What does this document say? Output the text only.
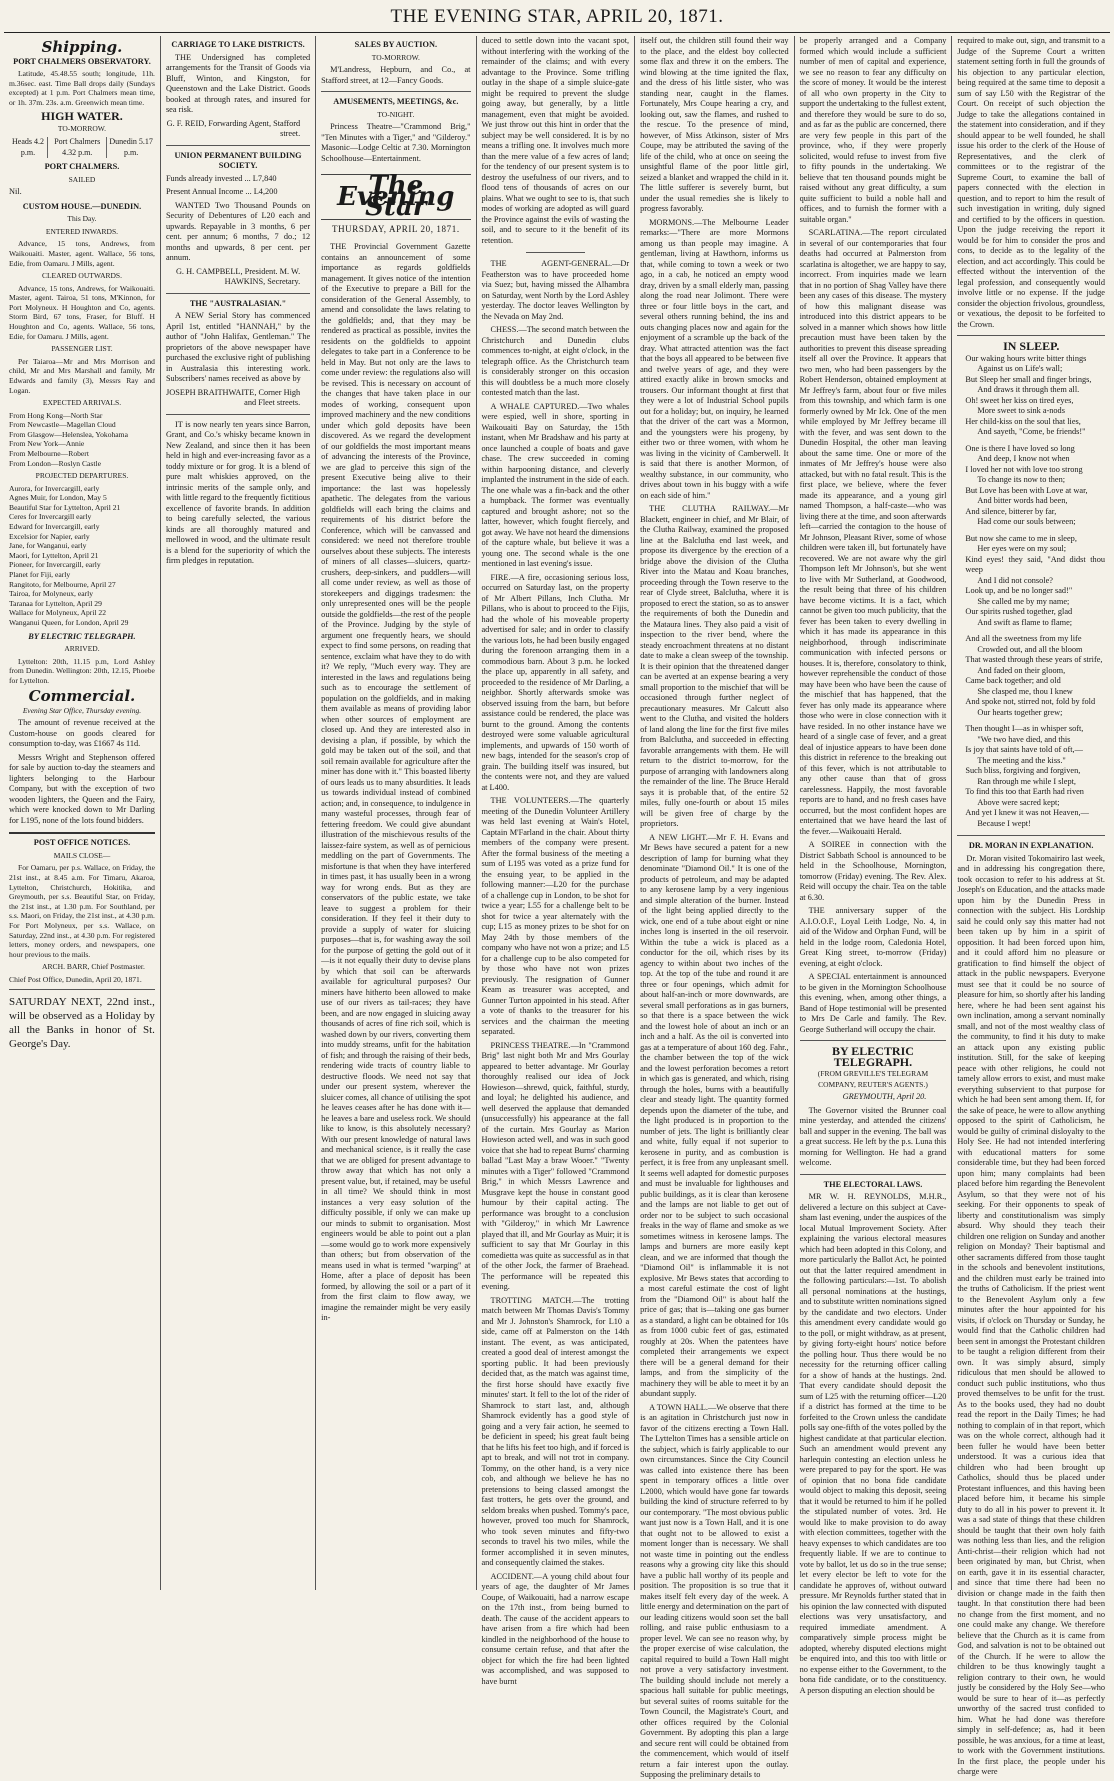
THE EVENING STAR, APRIL 20, 1871.
Shipping.
PORT CHALMERS OBSERVATORY.

Latitude, 45.48.55 south; longitude, 11h. m.36sec. east. Time Ball drops daily (Sundays excepted) at 1 p.m. Port Chalmers mean time, or 1h. 37m. 23s. a.m. Greenwich mean time.

HIGH WATER.
TO-MORROW.
Heads 4.2 p.m.	Port Chalmers 4.32 p.m.	Dunedin 5.17 p.m.
PORT CHALMERS.
SAILED

Nil.

CUSTOM HOUSE.—DUNEDIN.
This Day.
ENTERED INWARDS.

Advance, 15 tons, Andrews, from Waikouaiti. Master, agent. Wallace, 56 tons, Edie, from Oamaru. J Mills, agent.

CLEARED OUTWARDS.

Advance, 15 tons, Andrews, for Waikouaiti. Master, agent. Tairoa, 51 tons, M'Kinnon, for Port Molyneux. H Houghton and Co, agents. Storm Bird, 67 tons, Fraser, for Bluff. H Houghton and Co, agents. Wallace, 56 tons, Edie, for Oamaru. J Mills, agent.

PASSENGER LIST.

Per Taiaroa—Mr and Mrs Morrison and child, Mr and Mrs Marshall and family, Mr Edwards and family (3), Messrs Ray and Logan.

EXPECTED ARRIVALS.
From Hong Kong—North Star
From Newcastle—Magellan Cloud
From Glasgow—Helenslea, Yokohama
From New York—Annie
From Melbourne—Robert
From London—Roslyn Castle
PROJECTED DEPARTURES.
Aurora, for Invercargill, early
Agnes Muir, for London, May 5
Beautiful Star for Lyttelton, April 21
Ceres for Invercargill early
Edward for Invercargill, early
Excelsior for Napier, early
Jane, for Wanganui, early
Maori, for Lyttelton, April 21
Pioneer, for Invercargill, early
Planet for Fiji, early
Rangitoto, for Melbourne, April 27
Tairoa, for Molyneux, early
Taranaa for Lyttelton, April 29
Wallace for Molyneux, April 22
Wanganui Queen, for London, April 29
BY ELECTRIC TELEGRAPH.
ARRIVED.

Lyttelton: 20th, 11.15 p.m, Lord Ashley from Dunedin. Wellington: 20th, 12.15, Phoebe for Lyttelton.

Commercial.
Evening Star Office, Thursday evening.

The amount of revenue received at the Custom-house on goods cleared for consumption to-day, was £1667 4s 11d.

Messrs Wright and Stephenson offered for sale by auction to-day the steamers and lighters belonging to the Harbour Company, but with the exception of two wooden lighters, the Queen and the Fairy, which were knocked down to Mr Darling for L195, none of the lots found bidders.

POST OFFICE NOTICES.
MAILS CLOSE—

For Oamaru, per p.s. Wallace, on Friday, the 21st inst., at 8.45 a.m. For Timaru, Akaroa, Lyttelton, Christchurch, Hokitika, and Greymouth, per s.s. Beautiful Star, on Friday, the 21st inst., at 1.30 p.m. For Southland, per s.s. Maori, on Friday, the 21st inst., at 4.30 p.m. For Port Molyneux, per s.s. Wallace, on Saturday, 22nd inst., at 4.30 p.m. For registered letters, money orders, and newspapers, one hour previous to the mails.

ARCH. BARR, Chief Postmaster.

Chief Post Office, Dunedin, April 20, 1871.

SATURDAY NEXT, 22nd inst., will be observed as a Holiday by all the Banks in honor of St. George's Day.

CARRIAGE TO LAKE DISTRICTS.

THE Undersigned has completed arrangements for the Transit of Goods via Bluff, Winton, and Kingston, for Queenstown and the Lake District. Goods booked at through rates, and insured for sea risk.

G. F. REID, Forwarding Agent, Stafford street.

UNION PERMANENT BUILDING SOCIETY.

Funds already invested ... L7,840

Present Annual Income ... L4,200

WANTED Two Thousand Pounds on Security of Debentures of L20 each and upwards. Repayable in 3 months, 6 per cent. per annum; 6 months, 7 do.; 12 months and upwards, 8 per cent. per annum.

G. H. CAMPBELL, President. M. W. HAWKINS, Secretary.

THE "AUSTRALASIAN."

A NEW Serial Story has commenced April 1st, entitled "HANNAH," by the author of "John Halifax, Gentleman." The proprietors of the above newspaper have purchased the exclusive right of publishing in Australasia this interesting work. Subscribers' names received as above by

JOSEPH BRAITHWAITE, Corner High and Fleet streets.

IT is now nearly ten years since Barron, Grant, and Co.'s whisky became known in New Zealand, and since then it has been held in high and ever-increasing favor as a toddy mixture or for grog. It is a blend of pure malt whiskies approved, on the intrinsic merits of the sample only, and with little regard to the frequently fictitious excellence of favorite brands. In addition to being carefully selected, the various kinds are all thoroughly matured and mellowed in wood, and the ultimate result is a blend for the superiority of which the firm pledges in reputation.

SALES BY AUCTION.
TO-MORROW.

M'Landress, Hepburn, and Co., at Stafford street, at 12—Fancy Goods.

AMUSEMENTS, MEETINGS, &c.
TO-NIGHT.

Princess Theatre—"Crammond Brig," "Ten Minutes with a Tiger," and "Gilderoy." Masonic—Lodge Celtic at 7.30. Mornington Schoolhouse—Entertainment.

The Evening Star
THURSDAY, APRIL 20, 1871.

THE Provincial Government Gazette contains an announcement of some importance as regards goldfields management. It gives notice of the intention of the Executive to prepare a Bill for the consideration of the General Assembly, to amend and consolidate the laws relating to the goldfields; and, that they may be rendered as practical as possible, invites the residents on the goldfields to appoint delegates to take part in a Conference to be held in May. But not only are the laws to come under review: the regulations also will be revised. This is necessary on account of the changes that have taken place in our modes of working, consequent upon improved machinery and the new conditions under which gold deposits have been discovered. As we regard the development of our goldfields the most important means of advancing the interests of the Province, we are glad to perceive this sign of the present Executive being alive to their importance: the last was hopelessly apathetic. The delegates from the various goldfields will each bring the claims and requirements of his district before the Conference, which will be canvassed and considered: we need not therefore trouble ourselves about these subjects. The interests of miners of all classes—sluicers, quartz-crushers, deep-sinkers, and puddlers—will all come under review, as well as those of storekeepers and diggings tradesmen: the only unrepresented ones will be the people outside the goldfields—the rest of the people of the Province. Judging by the style of argument one frequently hears, we should expect to find some persons, on reading that sentence, exclaim what have they to do with it? We reply, "Much every way. They are interested in the laws and regulations being such as to encourage the settlement of population on the goldfields, and in making them available as means of providing labor when other sources of employment are closed up. And they are interested also in devising a plan, if possible, by which the gold may be taken out of the soil, and that soil remain available for agriculture after the miner has done with it." This boasted liberty of ours leads us to many absurdities. It leads us towards individual instead of combined action; and, in consequence, to indulgence in many wasteful processes, through fear of fettering freedom. We could give abundant illustration of the mischievous results of the laissez-faire system, as well as of pernicious meddling on the part of Governments. The misfortune is that when they have interfered in times past, it has usually been in a wrong way for wrong ends. But as they are conservators of the public estate, we take leave to suggest a problem for their consideration. If they feel it their duty to provide a supply of water for sluicing purposes—that is, for washing away the soil for the purpose of getting the gold out of it—is it not equally their duty to devise plans by which that soil can be afterwards available for agricultural purposes? Our miners have hitherto been allowed to make use of our rivers as tail-races; they have been, and are now engaged in sluicing away thousands of acres of fine rich soil, which is washed down by our rivers, converting them into muddy streams, unfit for the habitation of fish; and through the raising of their beds, rendering wide tracts of country liable to destructive floods. We need not say that under our present system, wherever the sluicer comes, all chance of utilising the spot he leaves ceases after he has done with it—he leaves a bare and useless rock. We should like to know, is this absolutely necessary? With our present knowledge of natural laws and mechanical science, is it really the case that we are obliged for present advantage to throw away that which has not only a present value, but, if retained, may be useful in all time? We should think in most instances a very easy solution of the difficulty possible, if only we can make up our minds to submit to organisation. Most engineers would be able to point out a plan—some would go to work more expensively than others; but from observation of the means used in what is termed "warping" at Home, after a place of deposit has been formed, by allowing the soil or a part of it from the first claim to flow away, we imagine the remainder might be very easily in-

duced to settle down into the vacant spot, without interfering with the working of the remainder of the claims; and with every advantage to the Province. Some trifling outlay in the shape of a simple sluice-gate might be required to prevent the sludge going away, but generally, by a little management, even that might be avoided. We just throw out this hint in order that the subject may be well considered. It is by no means a trifling one. It involves much more than the mere value of a few acres of land; for the tendency of our present system is to destroy the usefulness of our rivers, and to flood tens of thousands of acres on our plains. What we ought to see to is, that such modes of working are adopted as will guard the Province against the evils of wasting the soil, and to secure to it the benefit of its retention.

THE AGENT-GENERAL.—Dr Featherston was to have proceeded home via Suez; but, having missed the Alhambra on Saturday, went North by the Lord Ashley yesterday. The doctor leaves Wellington by the Nevada on May 2nd.

CHESS.—The second match between the Christchurch and Dunedin clubs commences to-night, at eight o'clock, in the telegraph office. As the Christchurch team is considerably stronger on this occasion this will doubtless be a much more closely contested match than the last.

A WHALE CAPTURED.—Two whales were espied, well in shore, sporting in Waikouaiti Bay on Saturday, the 15th instant, when Mr Bradshaw and his party at once launched a couple of boats and gave chase. The crew succeeded in coming within harpooning distance, and cleverly implanted the instrument in the side of each. The one whale was a fin-back and the other a humpback. The former was eventually captured and brought ashore; not so the latter, however, which fought fiercely, and got away. We have not heard the dimensions of the capture whale, but believe it was a young one. The second whale is the one mentioned in last evening's issue.

FIRE.—A fire, occasioning serious loss, occurred on Saturday last, on the property of Mr Albert Pillans, Inch Clutha. Mr Pillans, who is about to proceed to the Fijis, had the whole of his moveable property advertised for sale; and in order to classify the various lots, he had been busily engaged during the forenoon arranging them in a commodious barn. About 3 p.m. he locked the place up, apparently in all safety, and proceeded to the residence of Mr Darling, a neighbor. Shortly afterwards smoke was observed issuing from the barn, but before assistance could be rendered, the place was burnt to the ground. Among the contents destroyed were some valuable agricultural implements, and upwards of 150 worth of new bags, intended for the season's crop of grain. The building itself was insured, but the contents were not, and they are valued at L400.

THE VOLUNTEERS.—The quarterly meeting of the Dunedin Volunteer Artillery was held last evening at Wain's Hotel, Captain M'Farland in the chair. About thirty members of the company were present. After the formal business of the meeting a sum of L195 was voted as a prize fund for the ensuing year, to be applied in the following manner:—L20 for the purchase of a challenge cup in London, to be shot for twice a year; L55 for a challenge belt to be shot for twice a year alternately with the cup; L15 as money prizes to be shot for on May 24th by those members of the company who have not won a prize; and L5 for a challenge cup to be also competed for by those who have not won prizes previously. The resignation of Gunner Keam as treasurer was accepted, and Gunner Turton appointed in his stead. After a vote of thanks to the treasurer for his services and the chairman the meeting separated.

PRINCESS THEATRE.—In "Crammond Brig" last night both Mr and Mrs Gourlay appeared to better advantage. Mr Gourlay thoroughly realised our idea of Jock Howieson—shrewd, quick, faithful, sturdy, and loyal; he delighted his audience, and well deserved the applause that demanded (unsuccessfully) his appearance at the fall of the curtain. Mrs Gourlay as Marion Howieson acted well, and was in such good voice that she had to repeat Burns' charming ballad "Last May a braw Wooer." "Twenty minutes with a Tiger" followed "Crammond Brig," in which Messrs Lawrence and Musgrave kept the house in constant good humour by their capital acting. The performance was brought to a conclusion with "Gilderoy," in which Mr Lawrence played that ill, and Mr Gourlay as Muir; it is sufficient to say that Mr Gourlay in this comedietta was quite as successful as in that of the other Jock, the farmer of Braehead. The performance will be repeated this evening.

TROTTING MATCH.—The trotting match between Mr Thomas Davis's Tommy and Mr J. Johnston's Shamrock, for L10 a side, came off at Palmerston on the 14th instant. The event, as was anticipated, created a good deal of interest amongst the sporting public. It had been previously decided that, as the match was against time, the first horse should have exactly five minutes' start. It fell to the lot of the rider of Shamrock to start last, and, although Shamrock evidently has a good style of going and a very fair action, he seemed to be deficient in speed; his great fault being that he lifts his feet too high, and if forced is apt to break, and will not trot in company. Tommy, on the other hand, is a very nice cob, and although we believe he has no pretensions to being classed amongst the fast trotters, he gets over the ground, and seldom breaks when pushed. Tommy's pace, however, proved too much for Shamrock, who took seven minutes and fifty-two seconds to travel his two miles, while the former accomplished it in seven minutes, and consequently claimed the stakes.

ACCIDENT.—A young child about four years of age, the daughter of Mr James Coupe, of Waikouaiti, had a narrow escape on the 17th inst., from being burned to death. The cause of the accident appears to have arisen from a fire which had been kindled in the neighborhood of the house to consume certain refuse, and that after the object for which the fire had been lighted was accomplished, and was supposed to have burnt

itself out, the children still found their way to the place, and the eldest boy collected some flax and threw it on the embers. The wind blowing at the time ignited the flax, and the dress of his little sister, who was standing near, caught in the flames. Fortunately, Mrs Coupe hearing a cry, and looking out, saw the flames, and rushed to the rescue. To the presence of mind, however, of Miss Atkinson, sister of Mrs Coupe, may be attributed the saving of the life of the child, who at once on seeing the unsightful flame of the poor little girl, seized a blanket and wrapped the child in it. The little sufferer is severely burnt, but under the usual remedies she is likely to progress favorably.

MORMONS.—The Melbourne Leader remarks:—"There are more Mormons among us than people may imagine. A gentleman, living at Hawthorn, informs us that, while coming to town a week or two ago, in a cab, he noticed an empty wood dray, driven by a small elderly man, passing along the road near Jolimont. There were three or four little boys in the cart, and several others running behind, the ins and outs changing places now and again for the enjoyment of a scramble up the back of the dray. What attracted attention was the fact that the boys all appeared to be between five and twelve years of age, and they were attired exactly alike in brown smocks and trousers. Our informant thought at first that they were a lot of Industrial School pupils out for a holiday; but, on inquiry, he learned that the driver of the cart was a Mormon, and the youngsters were his progeny, by either two or three women, with whom he was living in the vicinity of Camberwell. It is said that there is another Mormon, of wealthy substance, in our community, who drives about town in his buggy with a wife on each side of him."

THE CLUTHA RAILWAY.—Mr Blackett, engineer in chief, and Mr Blair, of the Clutha Railway, examined the proposed line at the Balclutha end last week, and propose its divergence by the erection of a bridge above the division of the Clutha River into the Matau and Koau branches, proceeding through the Town reserve to the rear of Clyde street, Balclutha, where it is proposed to erect the station, so as to answer the requirements of both the Dunedin and the Mataura lines. They also paid a visit of inspection to the river bend, where the steady encroachment threatens at no distant date to make a clean sweep of the township. It is their opinion that the threatened danger can be averted at an expense bearing a very small proportion to the mischief that will be occasioned through further neglect of precautionary measures. Mr Calcutt also went to the Clutha, and visited the holders of land along the line for the first five miles from Balclutha, and succeeded in effecting favorable arrangements with them. He will return to the district to-morrow, for the purpose of arranging with landowners along the remainder of the line. The Bruce Herald says it is probable that, of the entire 52 miles, fully one-fourth or about 15 miles will be given free of charge by the proprietors.

A NEW LIGHT.—Mr F. H. Evans and Mr Bews have secured a patent for a new description of lamp for burning what they denominate "Diamond Oil." It is one of the products of petroleum, and may be adapted to any kerosene lamp by a very ingenious and simple alteration of the burner. Instead of the light being applied directly to the wick, one end of a tube about eight or nine inches long is inserted in the oil reservoir. Within the tube a wick is placed as a conductor for the oil, which rises by its agency to within about two inches of the top. At the top of the tube and round it are three or four openings, which admit for about half-an-inch or more downwards, are several small perforations as in gas burners, so that there is a space between the wick and the lowest hole of about an inch or an inch and a half. As the oil is converted into gas at a temperature of about 160 deg. Fahr., the chamber between the top of the wick and the lowest perforation becomes a retort in which gas is generated, and which, rising through the holes, burns with a beautifully clear and steady light. The quantity formed depends upon the diameter of the tube, and the light produced is in proportion to the number of jets. The light is brilliantly clear and white, fully equal if not superior to kerosene in purity, and as combustion is perfect, it is free from any unpleasant smell. It seems well adapted for domestic purposes and must be invaluable for lighthouses and public buildings, as it is clear than kerosene and the lamps are not liable to get out of order nor to be subject to such occasional freaks in the way of flame and smoke as we sometimes witness in kerosene lamps. The lamps and burners are more easily kept clean, and we are informed that though the "Diamond Oil" is inflammable it is not explosive. Mr Bews states that according to a most careful estimate the cost of light from the "Diamond Oil" is about half the price of gas; that is—taking one gas burner as a standard, a light can be obtained for 10s as from 1000 cubic feet of gas, estimated roughly at 20s. When the patentees have completed their arrangements we expect there will be a general demand for their lamps, and from the simplicity of the machinery they will be able to meet it by an abundant supply.

A TOWN HALL.—We observe that there is an agitation in Christchurch just now in favor of the citizens erecting a Town Hall. The Lyttelton Times has a sensible article on the subject, which is fairly applicable to our own circumstances. Since the City Council was called into existence there has been spent in temporary offices a little over L2000, which would have gone far towards building the kind of structure referred to by our contemporary. "The most obvious public want just now is a Town Hall, and it is one that ought not to be allowed to exist a moment longer than is necessary. We shall not waste time in pointing out the endless reasons why a growing city like this should have a public hall worthy of its people and position. The proposition is so true that it makes itself felt every day of the week. A little energy and determination on the part of our leading citizens would soon set the ball rolling, and raise public enthusiasm to a proper level. We can see no reason why, by the proper exercise of wise calculation, the capital required to build a Town Hall might not prove a very satisfactory investment. The building should include not merely a spacious hall suitable for public meetings, but several suites of rooms suitable for the Town Council, the Magistrate's Court, and other offices required by the Colonial Government. By adopting this plan a large and secure rent will could be obtained from the commencement, which would of itself return a fair interest upon the outlay. Supposing the preliminary details to

be properly arranged and a Company formed which would include a sufficient number of men of capital and experience, we see no reason to fear any difficulty on the score of money. It would be the interest of all who own property in the City to support the undertaking to the fullest extent, and therefore they would be sure to do so, and as far as the public are concerned, there are very few people in this part of the province, who, if they were properly solicited, would refuse to invest from five to fifty pounds in the undertaking. We believe that ten thousand pounds might be raised without any great difficulty, a sum quite sufficient to build a noble hall and offices, and to furnish the former with a suitable organ."

SCARLATINA.—The report circulated in several of our contemporaries that four deaths had occurred at Palmerston from scarlatina is altogether, we are happy to say, incorrect. From inquiries made we learn that in no portion of Shag Valley have there been any cases of this disease. The mystery of how this malignant disease was introduced into this district appears to be solved in a manner which shows how little precaution must have been taken by the authorities to prevent this disease spreading itself all over the Province. It appears that two men, who had been passengers by the Robert Henderson, obtained employment at Mr Jeffrey's farm, about four or five miles from this township, and which farm is one formerly owned by Mr Ick. One of the men while employed by Mr Jeffrey became ill with the fever, and was sent down to the Dunedin Hospital, the other man leaving about the same time. One or more of the inmates of Mr Jeffrey's house were also attacked, but with no fatal result. This is the first place, we believe, where the fever made its appearance, and a young girl named Thompson, a half-caste—who was living there at the time, and soon afterwards left—carried the contagion to the house of Mr Johnson, Pleasant River, some of whose children were taken ill, but fortunately have recovered. We are not aware why the girl Thompson left Mr Johnson's, but she went to live with Mr Sutherland, at Goodwood, the result being that three of his children have become victims. It is a fact, which cannot be given too much publicity, that the fever has been taken to every dwelling in which it has made its appearance in this neighborhood, through indiscriminate communication with infected persons or houses. It is, therefore, consolatory to think, however reprehensible the conduct of those may have been who have been the cause of the mischief that has happened, that the fever has only made its appearance where those who were in close connection with it have resided. In no other instance have we heard of a single case of fever, and a great deal of injustice appears to have been done this district in reference to the breaking out of this fever, which is not attributable to any other cause than that of gross carelessness. Happily, the most favorable reports are to hand, and no fresh cases have occurred, but the most confident hopes are entertained that we have heard the last of the fever.—Waikouaiti Herald.

A SOIREE in connection with the District Sabbath School is announced to be held in the Schoolhouse, Mornington, tomorrow (Friday) evening. The Rev. Alex. Reid will occupy the chair. Tea on the table at 6.30.

THE anniversary supper of the A.I.O.O.F., Loyal Leith Lodge, No. 4, in aid of the Widow and Orphan Fund, will be held in the lodge room, Caledonia Hotel, Great King street, to-morrow (Friday) evening, at eight o'clock.

A SPECIAL entertainment is announced to be given in the Mornington Schoolhouse this evening, when, among other things, a Band of Hope testimonial will be presented to Mrs De Carle and family. The Rev. George Sutherland will occupy the chair.

BY ELECTRIC TELEGRAPH.
(FROM GREVILLE'S TELEGRAM COMPANY, REUTER'S AGENTS.)

GREYMOUTH, April 20.

The Governor visited the Brunner coal mine yesterday, and attended the citizens' ball and supper in the evening. The ball was a great success. He left by the p.s. Luna this morning for Wellington. He had a grand welcome.

THE ELECTORAL LAWS.

MR W. H. REYNOLDS, M.H.R., delivered a lecture on this subject at Cave-sham last evening, under the auspices of the local Mutual Improvement Society. After explaining the various electoral measures which had been adopted in this Colony, and more particularly the Ballot Act, he pointed out that the latter required amendment in the following particulars:—1st. To abolish all personal nominations at the hustings, and to substitute written nominations signed by the candidate and two electors. Under this amendment every candidate would go to the poll, or might withdraw, as at present, by giving forty-eight hours' notice before the polling hour. Thus there would be no necessity for the returning officer calling for a show of hands at the hustings. 2nd. That every candidate should deposit the sum of L25 with the returning officer—L20 if a district has formed at the time to be forfeited to the Crown unless the candidate polls say one-fifth of the votes polled by the highest candidate at that particular election. Such an amendment would prevent any harlequin contesting an election unless he were prepared to pay for the sport. He was of opinion that no bona fide candidate would object to making this deposit, seeing that it would be returned to him if he polled the stipulated number of votes. 3rd. He would like to make provision to do away with election committees, together with the heavy expenses to which candidates are too frequently liable. If we are to continue to vote by ballot, let us do so in the true sense; let every elector be left to vote for the candidate he approves of, without outward pressure. Mr Reynolds further stated that in his opinion the law connected with disputed elections was very unsatisfactory, and required immediate amendment. A comparatively simple process might be adopted, whereby disputed elections might be enquired into, and this too with little or no expense either to the Government, to the bona fide candidate, or to the constituency. A person disputing an election should be

required to make out, sign, and transmit to a Judge of the Supreme Court a written statement setting forth in full the grounds of his objection to any particular election, being required at the same time to deposit a sum of say L50 with the Registrar of the Court. On receipt of such objection the Judge to take the allegations contained in the statement into consideration, and if they should appear to be well founded, he shall issue his order to the clerk of the House of Representatives, and the clerk of committees or to the registrar of the Supreme Court, to examine the ball of papers connected with the election in question, and to report to him the result of such investigation in writing, duly signed and certified to by the officers in question. Upon the judge receiving the report it would be for him to consider the pros and cons, to decide as to the legality of the election, and act accordingly. This could be effected without the intervention of the legal profession, and consequently would involve little or no expense. If the judge consider the objection frivolous, groundless, or vexatious, the deposit to be forfeited to the Crown.

IN SLEEP.

Our waking hours write bitter things

Against us on Life's wall;

But Sleep her small and finger brings,

And draws it through them all.

Oh! sweet her kiss on tired eyes,

More sweet to sink a-nods

Her child-kiss on the soul that lies,

And sayeth, "Come, be friends!"

One is there I have loved so long

And deep, I know not when

I loved her not with love too strong

To change its now to then;

But Love has been with Love at war,

And bitter words had been,

And silence, bitterer by far,

Had come our souls between;

But now she came to me in sleep,

Her eyes were on my soul;

Kind eyes! they said, "And didst thou weep

And I did not console?

Look up, and be no longer sad!"

She called me by my name;

Our spirits rushed together, glad

And swift as flame to flame;

And all the sweetness from my life

Crowded out, and all the bloom

That wasted through these years of strife,

And faded on their gloom,

Came back together; and old

She clasped me, thou I knew

And spoke not, stirred not, fold by fold

Our hearts together grew;

Then thought I—as in whisper soft,

"We two have died, and this

Is joy that saints have told of oft,—

The meeting and the kiss."

Such bliss, forgiving and forgiven,

Ran through me while I slept,

To find this too that Earth had riven

Above were sacred kept;

And yet I knew it was not Heaven,—

Because I wept!

DR. MORAN IN EXPLANATION.

Dr. Moran visited Tokomairiro last week, and in addressing his congregation there, took occasion to refer to his address at St. Joseph's on Education, and the attacks made upon him by the Dunedin Press in connection with the subject. His Lordship said he could only say this matter had not been taken up by him in a spirit of opposition. It had been forced upon him, and it could afford him no pleasure or gratification to find himself the object of attack in the public newspapers. Everyone must see that it could be no source of pleasure for him, so shortly after his landing here, where he had been sent against his own inclination, among a servant nominally small, and not of the most wealthy class of the community, to find it his duty to make an attack upon any existing public institution. Still, for the sake of keeping peace with other religions, he could not tamely allow errors to exist, and must make everything subservient to that purpose for which he had been sent among them. If, for the sake of peace, he were to allow anything opposed to the spirit of Catholicism, he would be guilty of criminal disloyalty to the Holy See. He had not intended interfering with educational matters for some considerable time, but they had been forced upon him; many complaints had been placed before him regarding the Benevolent Asylum, so that they were not of his seeking. For their opponents to speak of liberty and constitutionalism was simply absurd. Why should they teach their children one religion on Sunday and another religion on Monday? Their baptismal and other sacraments differed from those taught in the schools and benevolent institutions, and the children must early be trained into the truths of Catholicism. If the priest went to the Benevolent Asylum only a few minutes after the hour appointed for his visits, if o'clock on Thursday or Sunday, he would find that the Catholic children had been sent in amongst the Protestant children to be taught a religion different from their own. It was simply absurd, simply ridiculous that men should be allowed to conduct such public institutions, who thus proved themselves to be unfit for the trust. As to the books used, they had no doubt read the report in the Daily Times; he had nothing to complain of in that report, which was on the whole correct, although had it been fuller he would have been better understood. It was a curious idea that children who had been brought up Catholics, should thus be placed under Protestant influences, and this having been placed before him, it became his simple duty to do all in his power to prevent it. It was a sad state of things that these children should be taught that their own holy faith was nothing less than lies, and the religion Anti-christ—their religion which had not been originated by man, but Christ, when on earth, gave it in its essential character, and since that time there had been no division or change made in the faith then taught. In that constitution there had been no change from the first moment, and no one could make any change. We therefore believe that the Church as it is came from God, and salvation is not to be obtained out of the Church. If he were to allow the children to be thus knowingly taught a religion contrary to their own, he would justly be considered by the Holy See—who would be sure to hear of it—as perfectly unworthy of the sacred trust confided to him. What he had done was therefore simply in self-defence; as, had it been possible, he was anxious, for a time at least, to work with the Government institutions. In the first place, the people under his charge were
